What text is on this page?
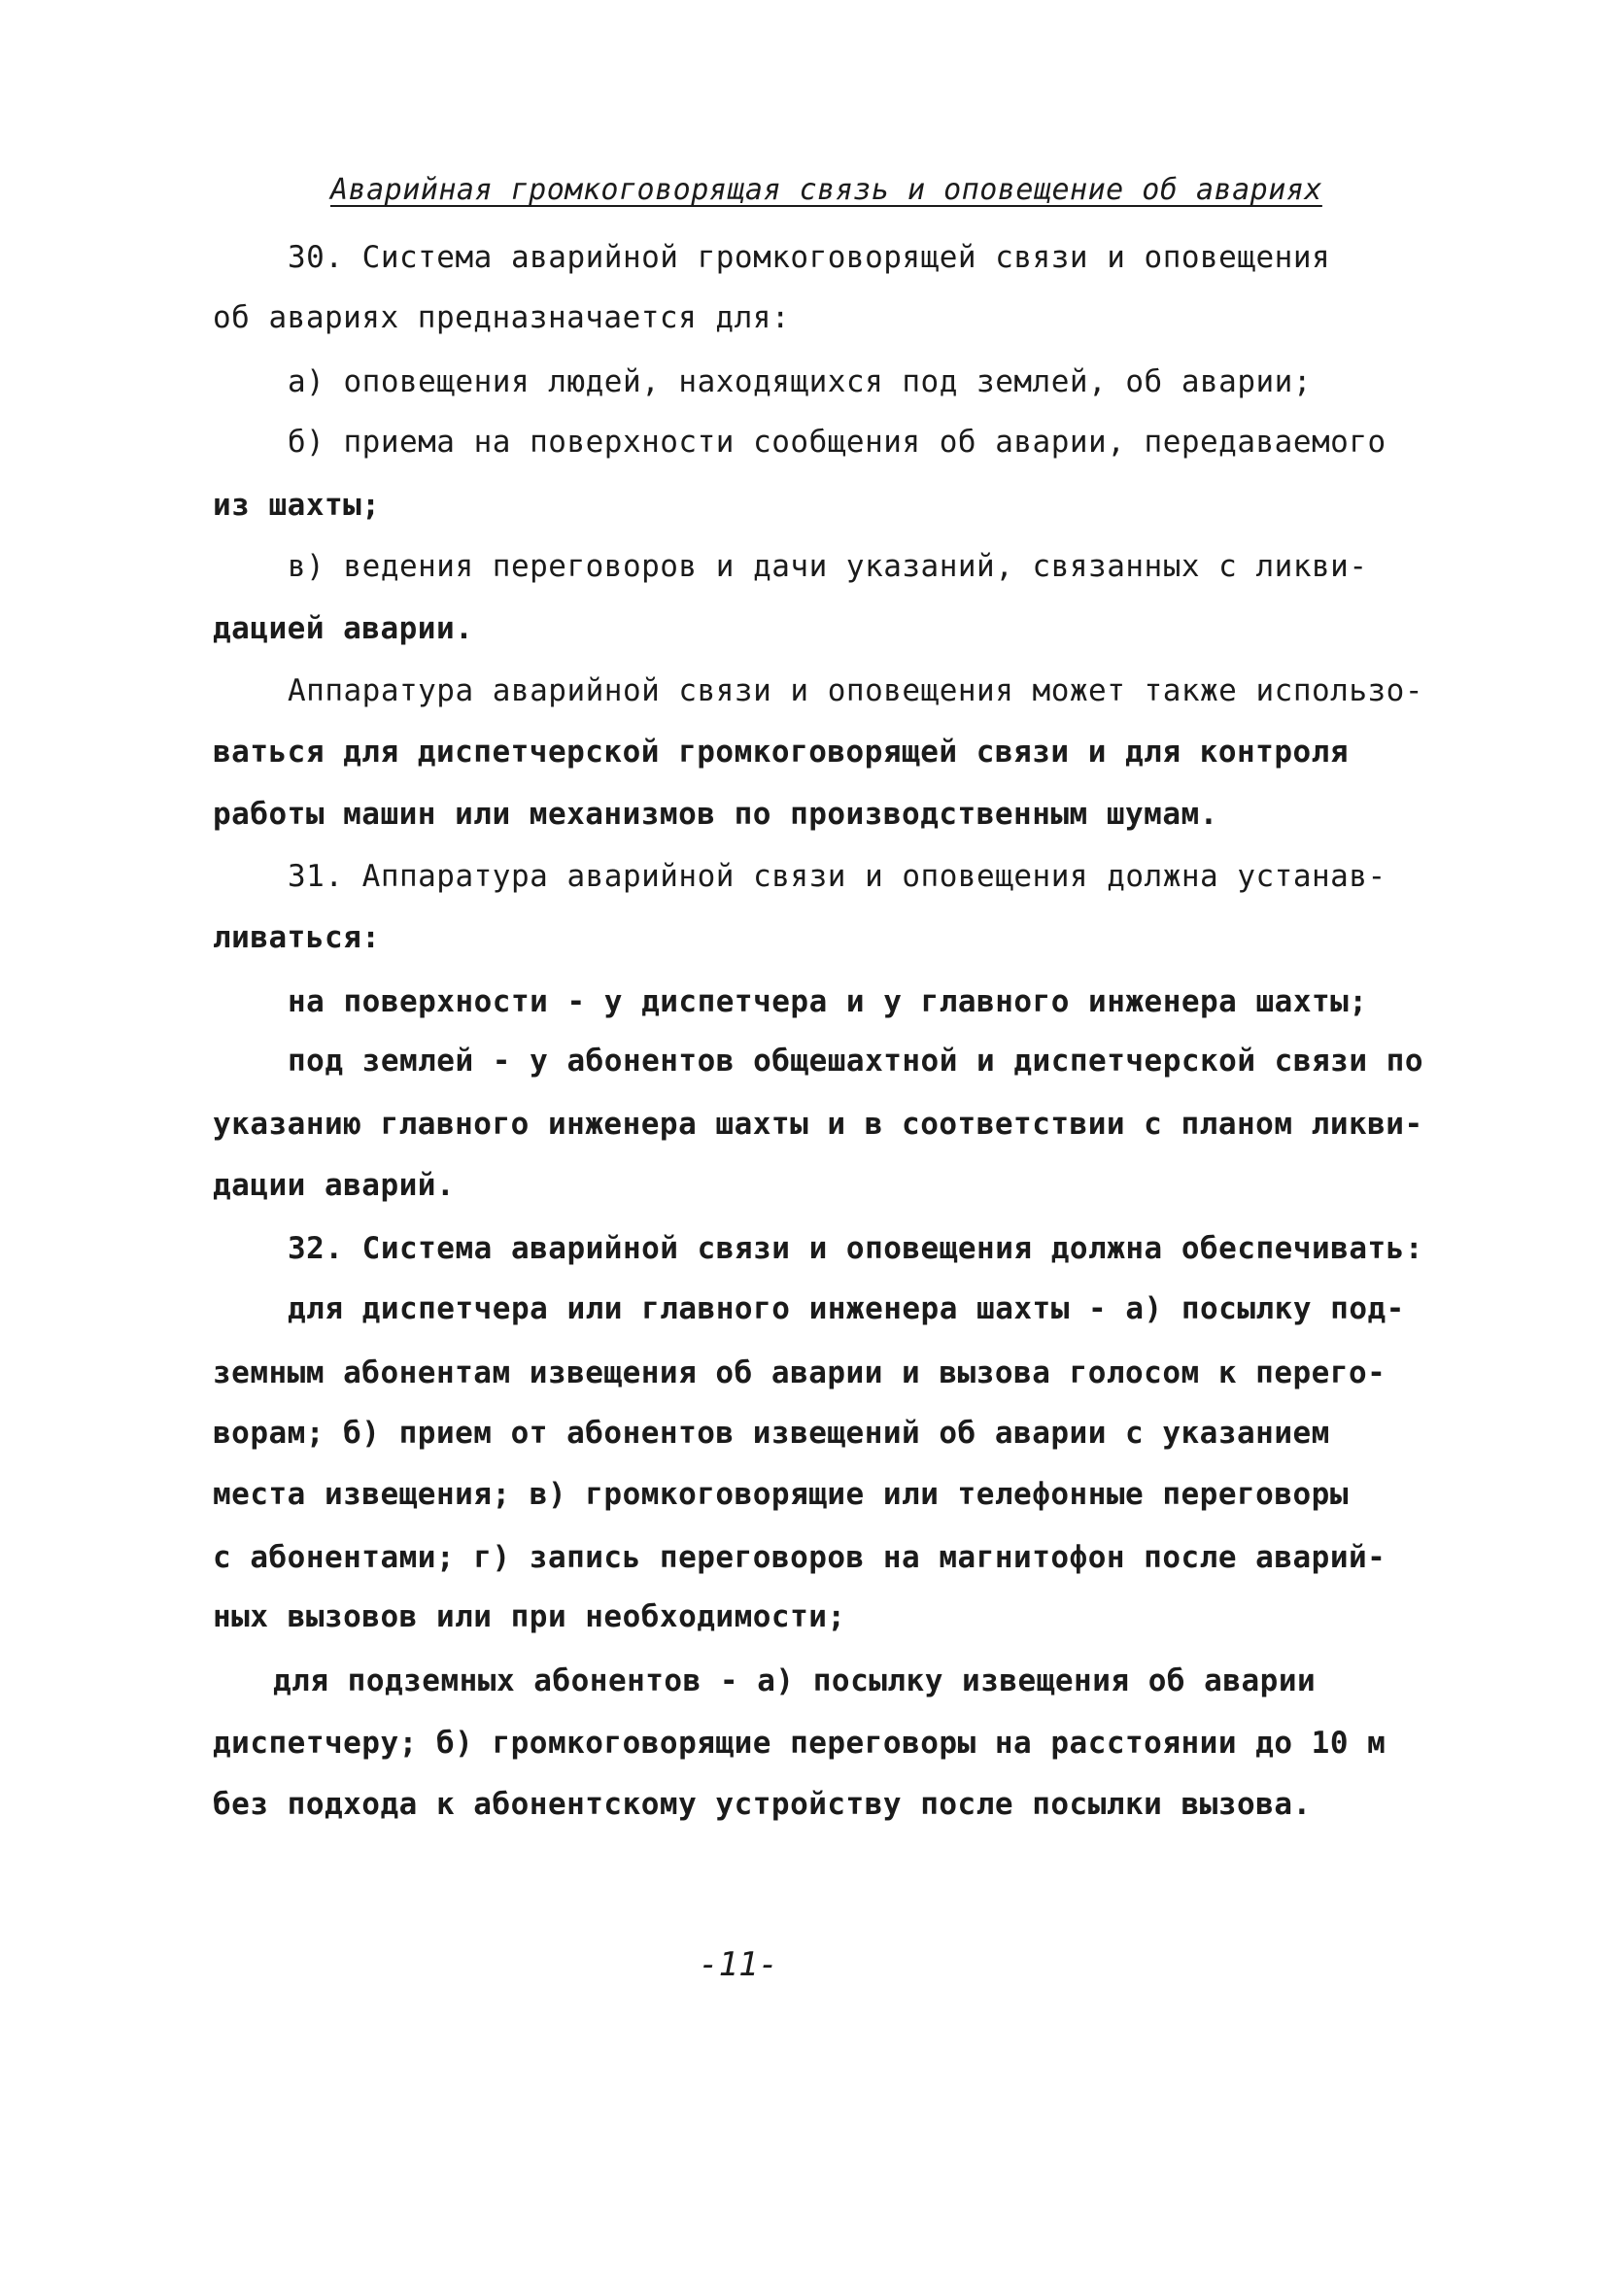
Аварийная громкоговорящая связь и оповещение об авариях
30. Система аварийной громкоговорящей связи и оповещения
об авариях предназначается для:
а) оповещения людей, находящихся под землей, об аварии;
б) приема на поверхности сообщения об аварии, передаваемого
из шахты;
в) ведения переговоров и дачи указаний, связанных с ликви-
дацией аварии.
Аппаратура аварийной связи и оповещения может также использо-
ваться для диспетчерской громкоговорящей связи и для контроля
работы машин или механизмов по производственным шумам.
31. Аппаратура аварийной связи и оповещения должна устанав-
ливаться:
на поверхности - у диспетчера и у главного инженера шахты;
под землей - у абонентов общешахтной и диспетчерской связи по
указанию главного инженера шахты и в соответствии с планом ликви-
дации аварий.
32. Система аварийной связи и оповещения должна обеспечивать:
для диспетчера или главного инженера шахты - а) посылку под-
земным абонентам извещения об аварии и вызова голосом к перего-
ворам; б) прием от абонентов извещений об аварии с указанием
места извещения; в) громкоговорящие или телефонные переговоры
с абонентами; г) запись переговоров на магнитофон после аварий-
ных вызовов или при необходимости;
для подземных абонентов - а) посылку извещения об аварии
диспетчеру; б) громкоговорящие переговоры на расстоянии до 10 м
без подхода к абонентскому устройству после посылки вызова.
-11-
